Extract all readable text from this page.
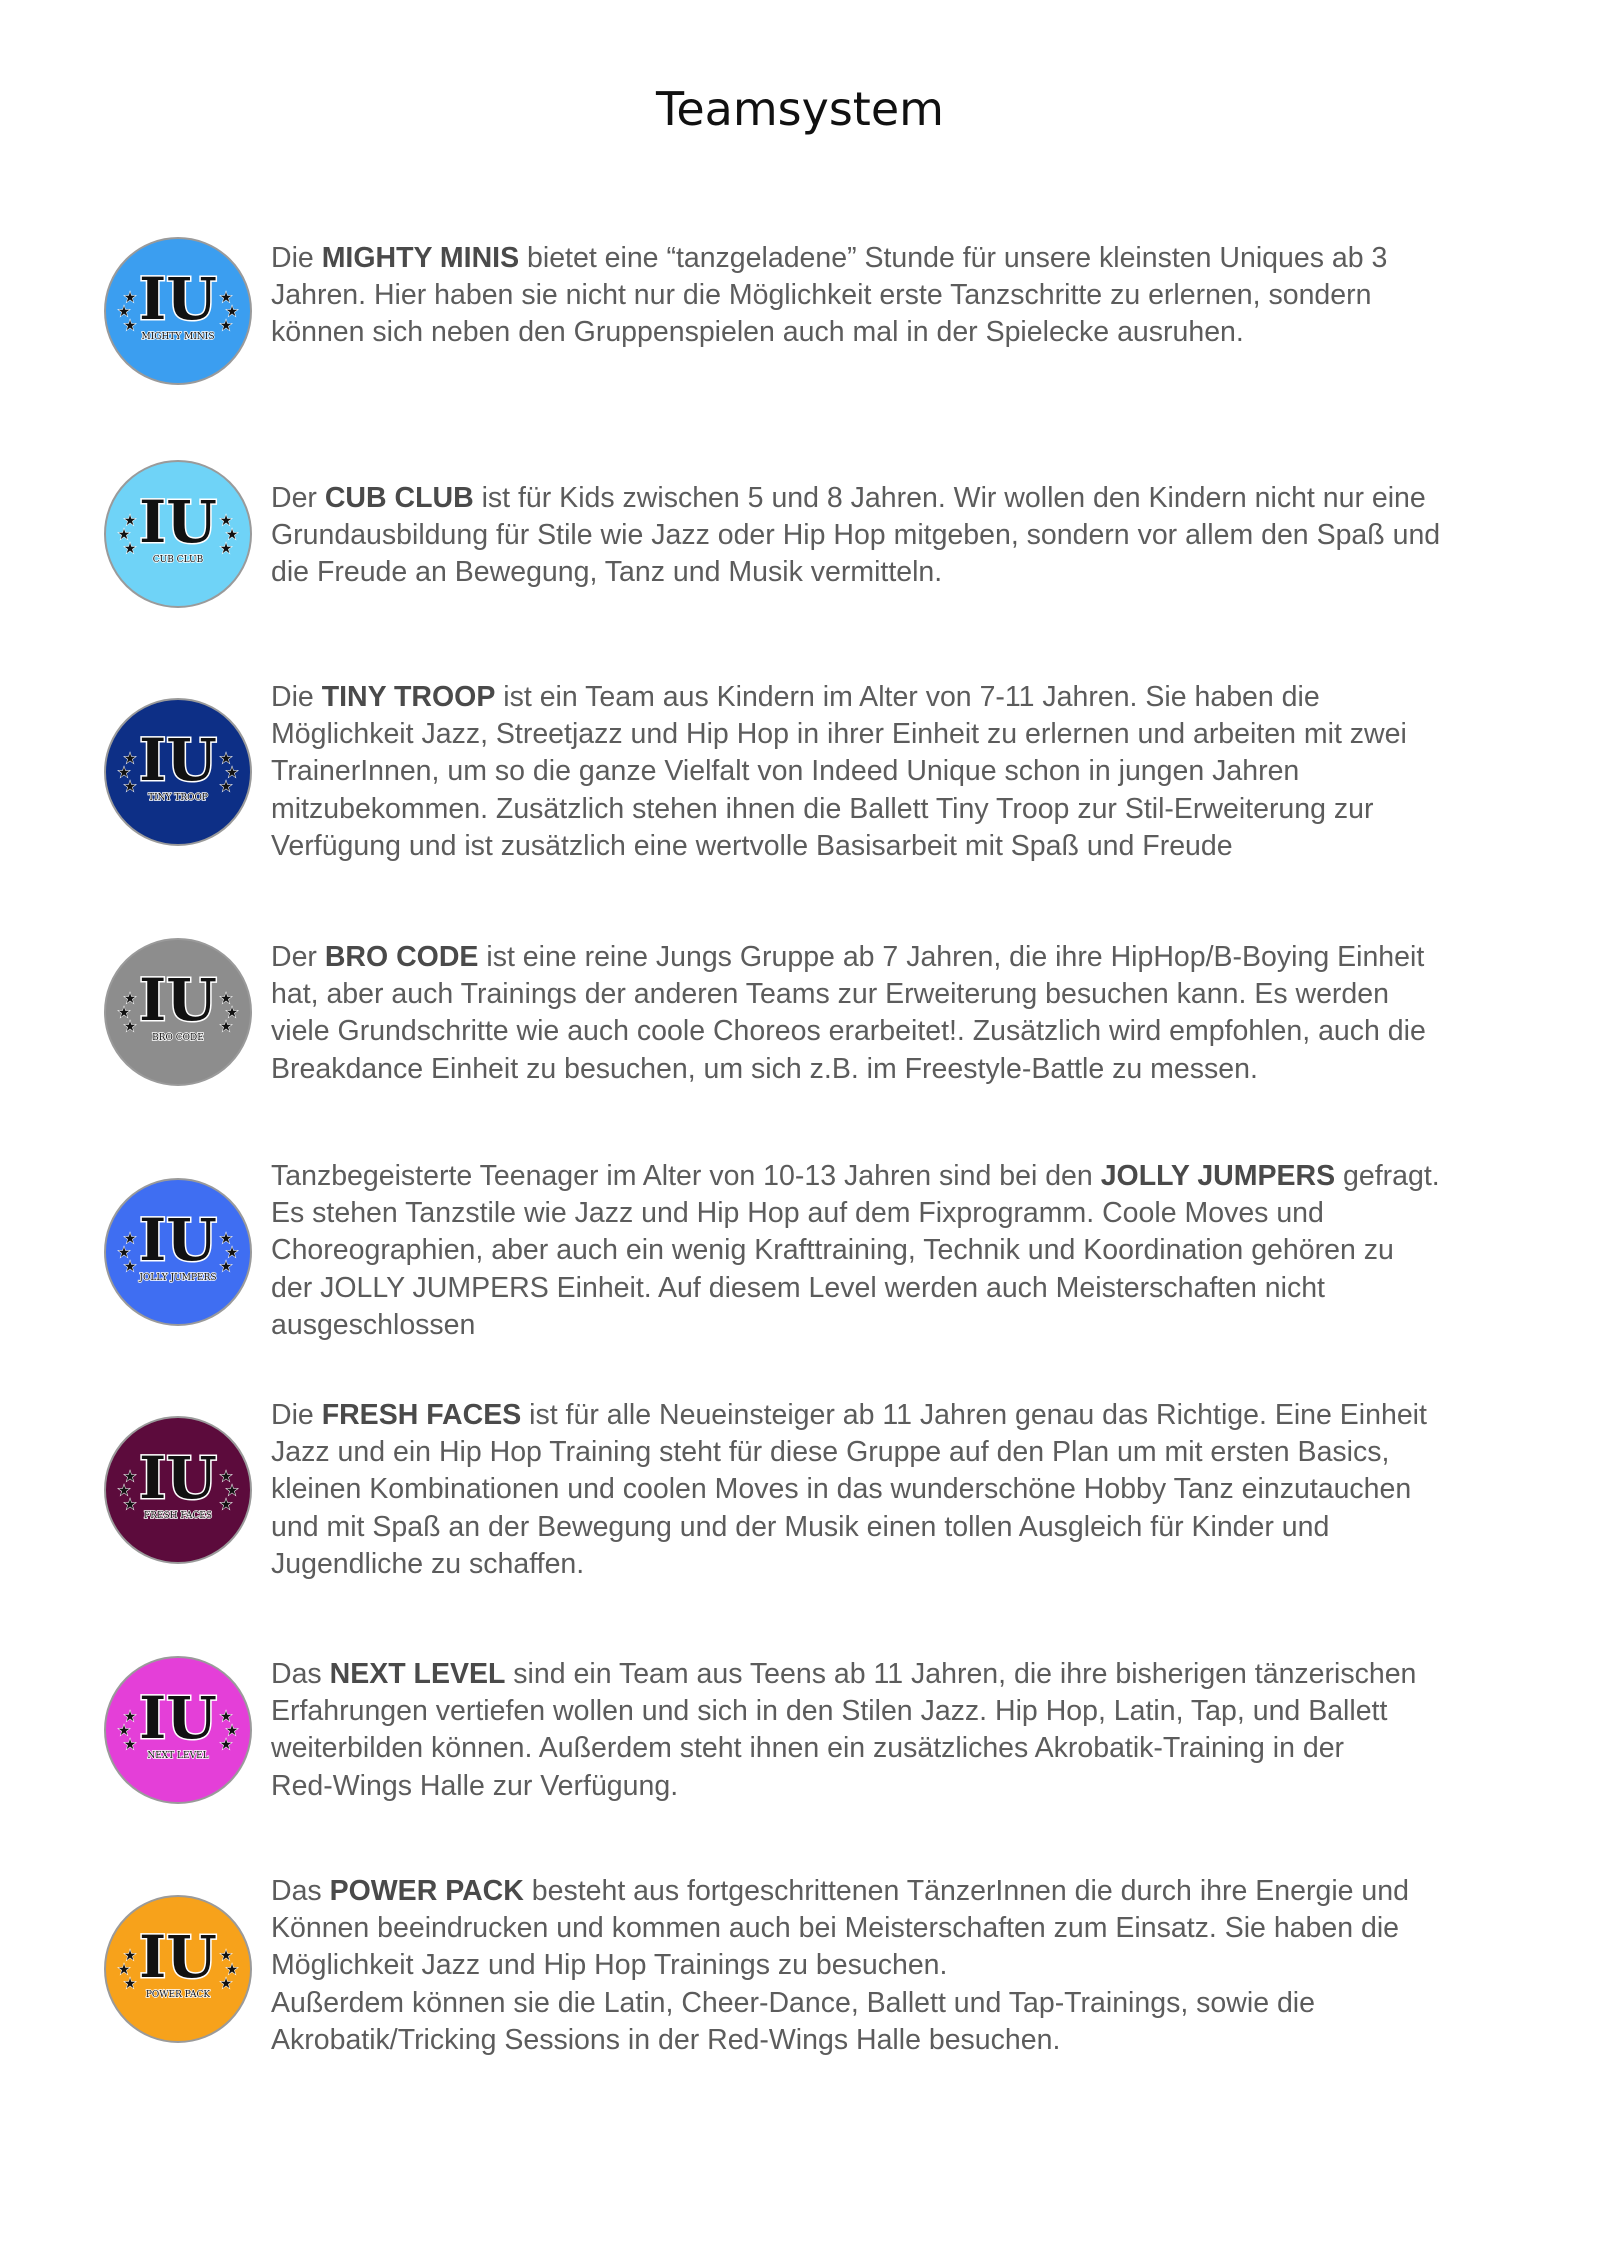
Teamsystem
IU
★
★
★
★
★
★
MIGHTY MINIS

Die MIGHTY MINIS bietet eine “tanzgeladene” Stunde für unsere kleinsten Uniques ab 3
Jahren. Hier haben sie nicht nur die Möglichkeit erste Tanzschritte zu erlernen, sondern
können sich neben den Gruppenspielen auch mal in der Spielecke ausruhen.

IU
★
★
★
★
★
★
CUB CLUB

Der CUB CLUB ist für Kids zwischen 5 und 8 Jahren. Wir wollen den Kindern nicht nur eine
Grundausbildung für Stile wie Jazz oder Hip Hop mitgeben, sondern vor allem den Spaß und
die Freude an Bewegung, Tanz und Musik vermitteln.

IU
★
★
★
★
★
★
TINY TROOP

Die TINY TROOP ist ein Team aus Kindern im Alter von 7-11 Jahren. Sie haben die
Möglichkeit Jazz, Streetjazz und Hip Hop in ihrer Einheit zu erlernen und arbeiten mit zwei
TrainerInnen, um so die ganze Vielfalt von Indeed Unique schon in jungen Jahren
mitzubekommen. Zusätzlich stehen ihnen die Ballett Tiny Troop zur Stil-Erweiterung zur
Verfügung und ist zusätzlich eine wertvolle Basisarbeit mit Spaß und Freude

IU
★
★
★
★
★
★
BRO CODE

Der BRO CODE ist eine reine Jungs Gruppe ab 7 Jahren, die ihre HipHop/B-Boying Einheit
hat, aber auch Trainings der anderen Teams zur Erweiterung besuchen kann. Es werden
viele Grundschritte wie auch coole Choreos erarbeitet!. Zusätzlich wird empfohlen, auch die
Breakdance Einheit zu besuchen, um sich z.B. im Freestyle-Battle zu messen.

IU
★
★
★
★
★
★
JOLLY JUMPERS

Tanzbegeisterte Teenager im Alter von 10-13 Jahren sind bei den JOLLY JUMPERS gefragt.
Es stehen Tanzstile wie Jazz und Hip Hop auf dem Fixprogramm. Coole Moves und
Choreographien, aber auch ein wenig Krafttraining, Technik und Koordination gehören zu
der JOLLY JUMPERS Einheit. Auf diesem Level werden auch Meisterschaften nicht
ausgeschlossen

IU
★
★
★
★
★
★
FRESH FACES

Die FRESH FACES ist für alle Neueinsteiger ab 11 Jahren genau das Richtige. Eine Einheit
Jazz und ein Hip Hop Training steht für diese Gruppe auf den Plan um mit ersten Basics,
kleinen Kombinationen und coolen Moves in das wunderschöne Hobby Tanz einzutauchen
und mit Spaß an der Bewegung und der Musik einen tollen Ausgleich für Kinder und
Jugendliche zu schaffen.

IU
★
★
★
★
★
★
NEXT LEVEL

Das NEXT LEVEL sind ein Team aus Teens ab 11 Jahren, die ihre bisherigen tänzerischen
Erfahrungen vertiefen wollen und sich in den Stilen Jazz. Hip Hop, Latin, Tap, und Ballett
weiterbilden können. Außerdem steht ihnen ein zusätzliches Akrobatik-Training in der
Red-Wings Halle zur Verfügung.

IU
★
★
★
★
★
★
POWER PACK

Das POWER PACK besteht aus fortgeschrittenen TänzerInnen die durch ihre Energie und
Können beeindrucken und kommen auch bei Meisterschaften zum Einsatz. Sie haben die
Möglichkeit Jazz und Hip Hop Trainings zu besuchen.
Außerdem können sie die Latin, Cheer-Dance, Ballett und Tap-Trainings, sowie die
Akrobatik/Tricking Sessions in der Red-Wings Halle besuchen.
